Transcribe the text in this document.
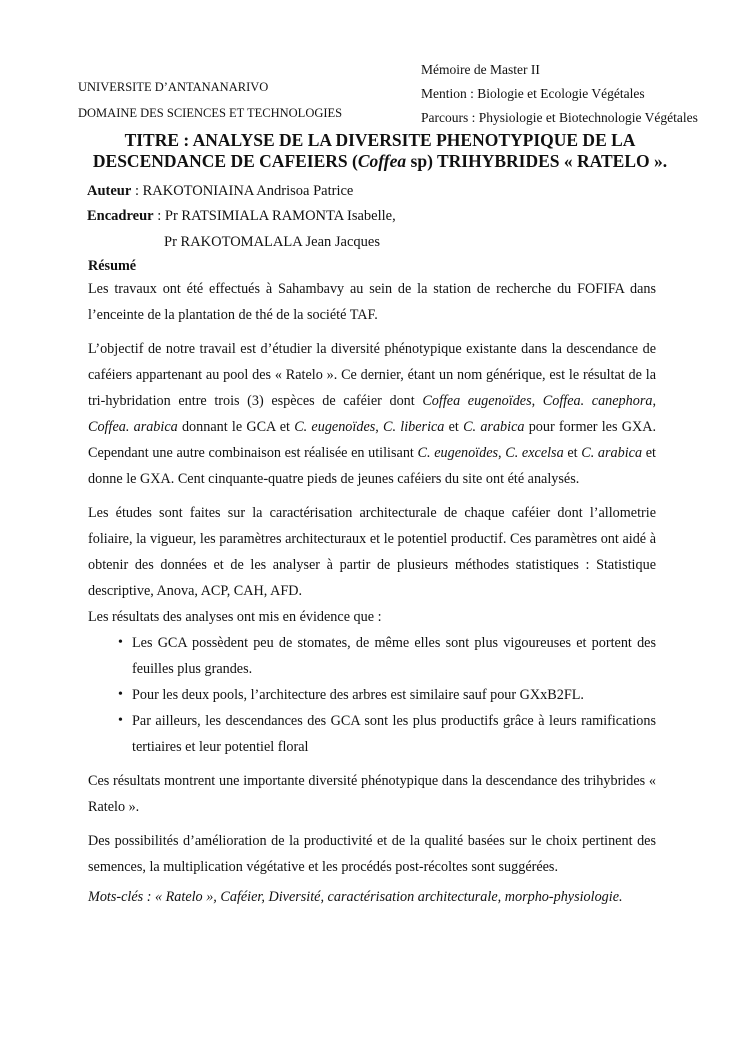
UNIVERSITE D’ANTANANARIVO
DOMAINE DES SCIENCES ET TECHNOLOGIES
Mémoire de Master II
Mention : Biologie et Ecologie Végétales
Parcours : Physiologie et Biotechnologie Végétales
TITRE : ANALYSE DE LA DIVERSITE PHENOTYPIQUE DE LA
DESCENDANCE DE CAFEIERS (Coffea sp) TRIHYBRIDES « RATELO ».
Auteur : RAKOTONIAINA Andrisoa Patrice
Encadreur : Pr RATSIMIALA RAMONTA Isabelle,
Pr RAKOTOMALALA Jean Jacques

Résumé

Les travaux ont été effectués à Sahambavy au sein de la station de recherche du FOFIFA dans l’enceinte de la plantation de thé de la société TAF.

L’objectif de notre travail est d’étudier la diversité phénotypique existante dans la descendance de caféiers appartenant au pool des « Ratelo ». Ce dernier, étant un nom générique, est le résultat de la tri-hybridation entre trois (3) espèces de caféier dont Coffea eugenoïdes, Coffea. canephora, Coffea. arabica donnant le GCA et C. eugenoïdes, C. liberica et C. arabica pour former les GXA. Cependant une autre combinaison est réalisée en utilisant C. eugenoïdes, C. excelsa et C. arabica et donne le GXA. Cent cinquante-quatre pieds de jeunes caféiers du site ont été analysés.

Les études sont faites sur la caractérisation architecturale de chaque caféier dont l’allometrie foliaire, la vigueur, les paramètres architecturaux et le potentiel productif. Ces paramètres ont aidé à obtenir des données et de les analyser à partir de plusieurs méthodes statistiques : Statistique descriptive, Anova, ACP, CAH, AFD.

Les résultats des analyses ont mis en évidence que :

• Les GCA possèdent peu de stomates, de même elles sont plus vigoureuses et portent des feuilles plus grandes.
• Pour les deux pools, l’architecture des arbres est similaire sauf pour GXxB2FL.
• Par ailleurs, les descendances des GCA sont les plus productifs grâce à leurs ramifications tertiaires et leur potentiel floral

Ces résultats montrent une importante diversité phénotypique dans la descendance des trihybrides « Ratelo ».

Des possibilités d’amélioration de la productivité et de la qualité basées sur le choix pertinent des semences, la multiplication végétative et les procédés post-récoltes sont suggérées.

Mots-clés : « Ratelo », Caféier, Diversité, caractérisation architecturale, morpho-physiologie.
